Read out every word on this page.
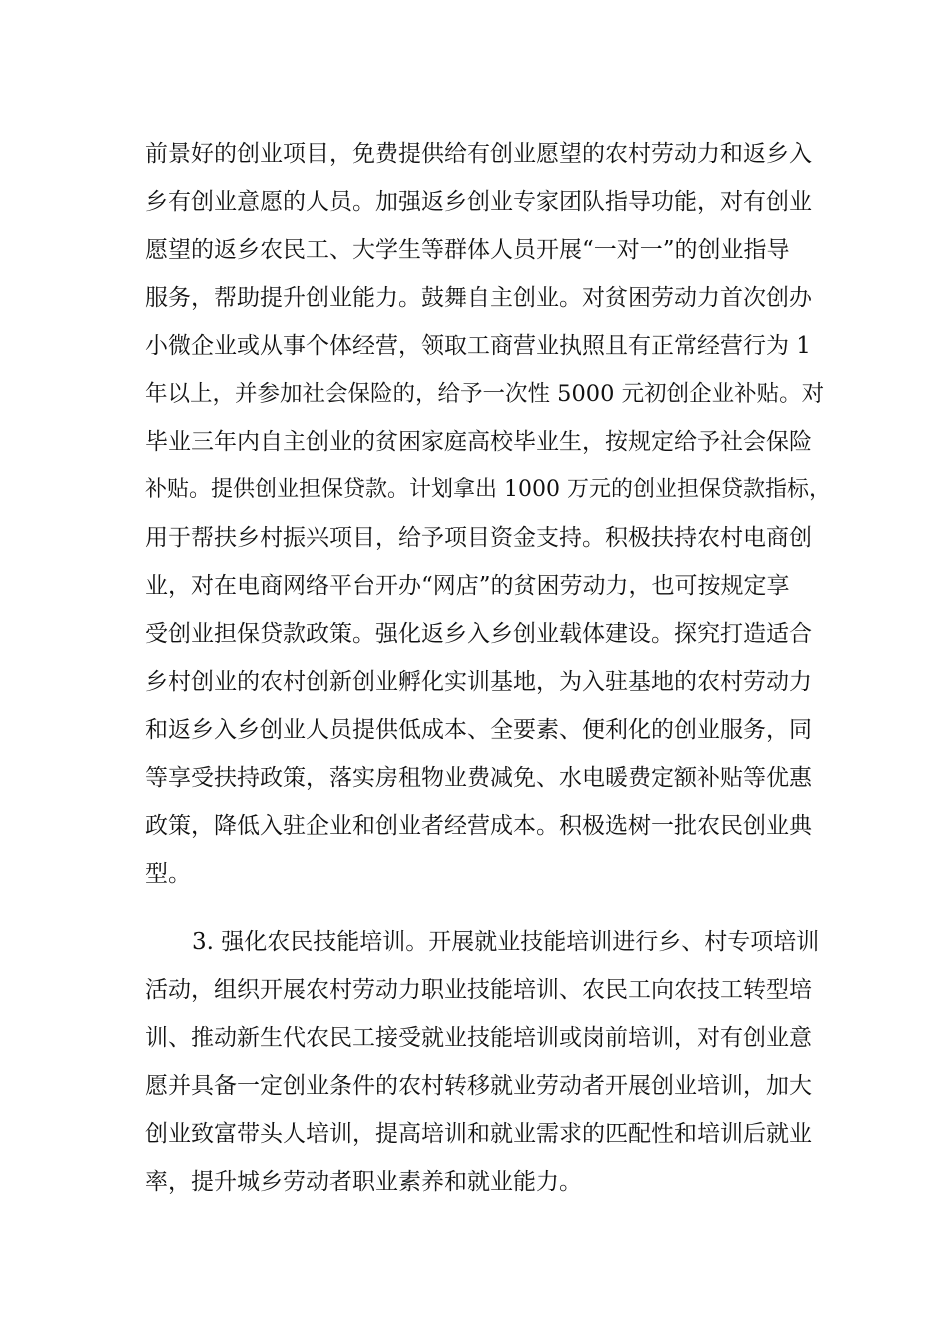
前景好的创业项目，免费提供给有创业愿望的农村劳动力和返乡入
乡有创业意愿的人员。加强返乡创业专家团队指导功能，对有创业
愿望的返乡农民工、大学生等群体人员开展“一对一”的创业指导
服务，帮助提升创业能力。鼓舞自主创业。对贫困劳动力首次创办
小微企业或从事个体经营，领取工商营业执照且有正常经营行为 1
年以上，并参加社会保险的，给予一次性 5000 元初创企业补贴。对
毕业三年内自主创业的贫困家庭高校毕业生，按规定给予社会保险
补贴。提供创业担保贷款。计划拿出 1000 万元的创业担保贷款指标，
用于帮扶乡村振兴项目，给予项目资金支持。积极扶持农村电商创
业，对在电商网络平台开办“网店”的贫困劳动力，也可按规定享
受创业担保贷款政策。强化返乡入乡创业载体建设。探究打造适合
乡村创业的农村创新创业孵化实训基地，为入驻基地的农村劳动力
和返乡入乡创业人员提供低成本、全要素、便利化的创业服务，同
等享受扶持政策，落实房租物业费减免、水电暖费定额补贴等优惠
政策，降低入驻企业和创业者经营成本。积极选树一批农民创业典
型。
3. 强化农民技能培训。开展就业技能培训进行乡、村专项培训
活动，组织开展农村劳动力职业技能培训、农民工向农技工转型培
训、推动新生代农民工接受就业技能培训或岗前培训，对有创业意
愿并具备一定创业条件的农村转移就业劳动者开展创业培训，加大
创业致富带头人培训，提高培训和就业需求的匹配性和培训后就业
率，提升城乡劳动者职业素养和就业能力。
